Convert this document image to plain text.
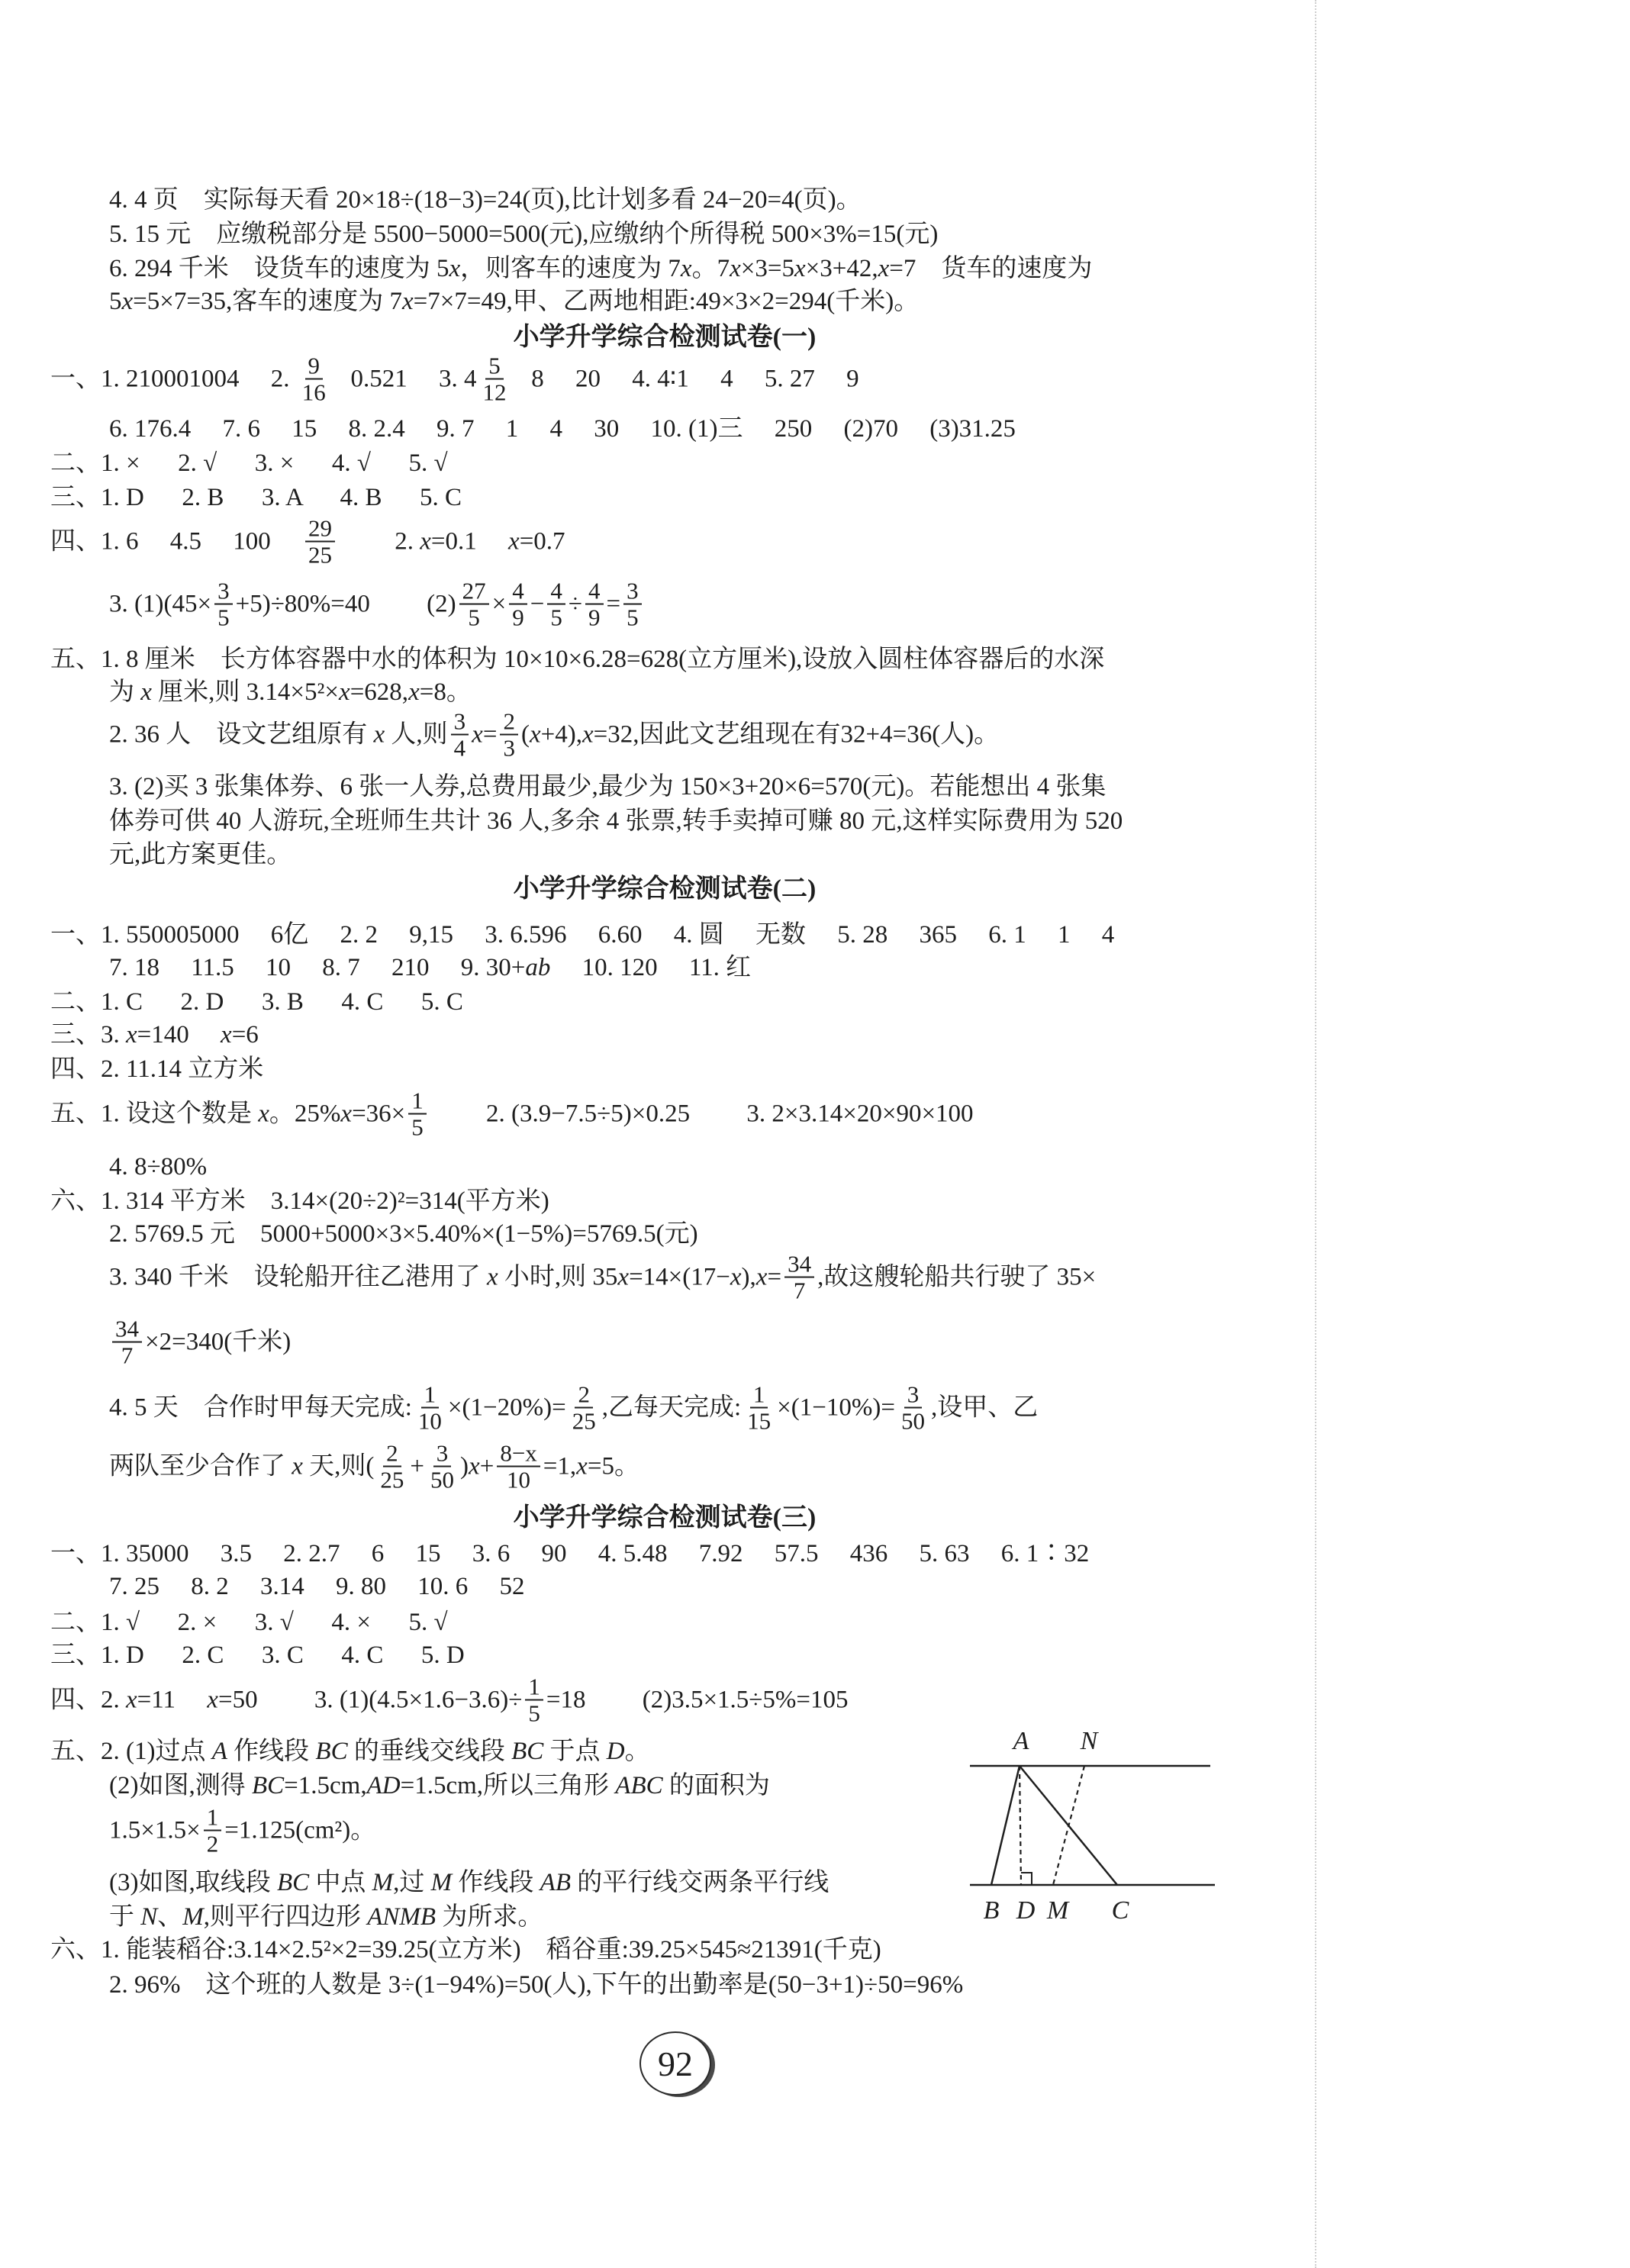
A N
B D M C
92
4. 4 页    实际每天看 20×18÷(18−3)=24(页),比计划多看 24−20=4(页)。
5. 15 元    应缴税部分是 5500−5000=500(元),应缴纳个所得税 500×3%=15(元)
6. 294 千米    设货车的速度为 5 x ，则客车的速度为 7 x 。7 x ×3=5 x ×3+42, x =7    货车的速度为
5 x =5×7=35,客车的速度为 7 x =7×7=49,甲、乙两地相距:49×3×2=294(千米)。
小学升学综合检测试卷(一)
一、1. 210001004     2. $\frac{9}{16} 0.521$     3. $4 \frac{5}{12} 8$     20     4. 4∶1     4     5. 27     9
6. 176.4     7. 6     15     8. 2.4     9. 7     1     4     30     10. (1)三     250     (2)70     (3)31.25
二、1. ×      2. √      3. ×      4. √      5. √
三、1. D      2. B      3. A      4. B      5. C
四、1. 6     4.5     $100 \frac{29}{25} 2$. x =0.1 x =0.7
3. $(1)(45\times \frac{3}{5} +5)\div 80\%=40$         $(2) \frac{27}{5} \times \frac{4}{9} - \frac{4}{5} \div \frac{4}{9} = \frac{3}{5}$
五、1. 8 厘米    长方体容器中水的体积为 10×10×6.28=628(立方厘米),设放入圆柱体容器后的水深
为 x 厘米,则 3.14×5²× x =628, x =8。
2. 36 人    设文艺组原有 x 人,则 $\frac{3}{4}$ $x = \frac{2}{3}$ ( x +4), x =32,因此文艺组现在有32+4=36(人)。
3. (2)买 3 张集体券、6 张一人券,总费用最少,最少为 150×3+20×6=570(元)。若能想出 4 张集
体券可供 40 人游玩,全班师生共计 36 人,多余 4 张票,转手卖掉可赚 80 元,这样实际费用为 520
元,此方案更佳。
小学升学综合检测试卷(二)
一、1. 550005000     6亿     2. 2     9,15     3. 6.596     6.60     4. 圆     无数     5. 28     365     6. 1     1     4
7. 18     11.5     10     8. 7     210     9. 30+ ab 10. 120     11. 红
二、1. C      2. D      3. B      4. C      5. C
三、3. x =140 x =6
四、2. 11.14 立方米
五、1. 设这个数是 x 。25% $x =36\times \frac{1}{5} 2$. (3.9−7.5÷5)×0.25         3. 2×3.14×20×90×100
4. 8÷80%
六、1. 314 平方米    3.14×(20÷2)²=314(平方米)
2. 5769.5 元    5000+5000×3×5.40%×(1−5%)=5769.5(元)
3. 340 千米    设轮船开往乙港用了 x 小时,则 35 x =14×(17− x ), $x = \frac{34}{7}$ ,故这艘轮船共行驶了 35×
$\frac{34}{7} \times 2=340$(千米)
4. 5 天    合作时甲每天完成: $\frac{1}{10} \times(1-20\%)= \frac{2}{25}$ ,乙每天完成: $\frac{1}{15} \times(1-10\%)= \frac{3}{50}$ ,设甲、乙
两队至少合作了 x 天,则( $\frac{2}{25} + \frac{3}{50}$ ) $x + \frac{8-x}{10} =1$, x =5。
小学升学综合检测试卷(三)
一、1. 35000     3.5     2. 2.7     6     15     3. 6     90     4. 5.48     7.92     57.5     436     5. 63     6. 1∶32
7. 25     8. 2     3.14     9. 80     10. 6     52
二、1. √      2. ×      3. √      4. ×      5. √
三、1. D      2. C      3. C      4. C      5. D
四、2. x =11 x =50         3. $(1)(4.5\times 1.6-3.6)\div \frac{1}{5} =18$         (2)3.5×1.5÷5%=105
五、2. (1)过点 A 作线段 BC 的垂线交线段 BC 于点 D 。
(2)如图,测得 BC =1.5cm, AD =1.5cm,所以三角形 ABC 的面积为
$1.5\times 1.5\times \frac{1}{2} =1.125(cm^2)$。
(3)如图,取线段 BC 中点 M ,过 M 作线段 AB 的平行线交两条平行线
于 N 、 M ,则平行四边形 ANMB 为所求。
六、1. 能装稻谷:3.14×2.5²×2=39.25(立方米)    稻谷重:39.25×545≈21391(千克)
2. 96%    这个班的人数是 3÷(1−94%)=50(人),下午的出勤率是(50−3+1)÷50=96%
